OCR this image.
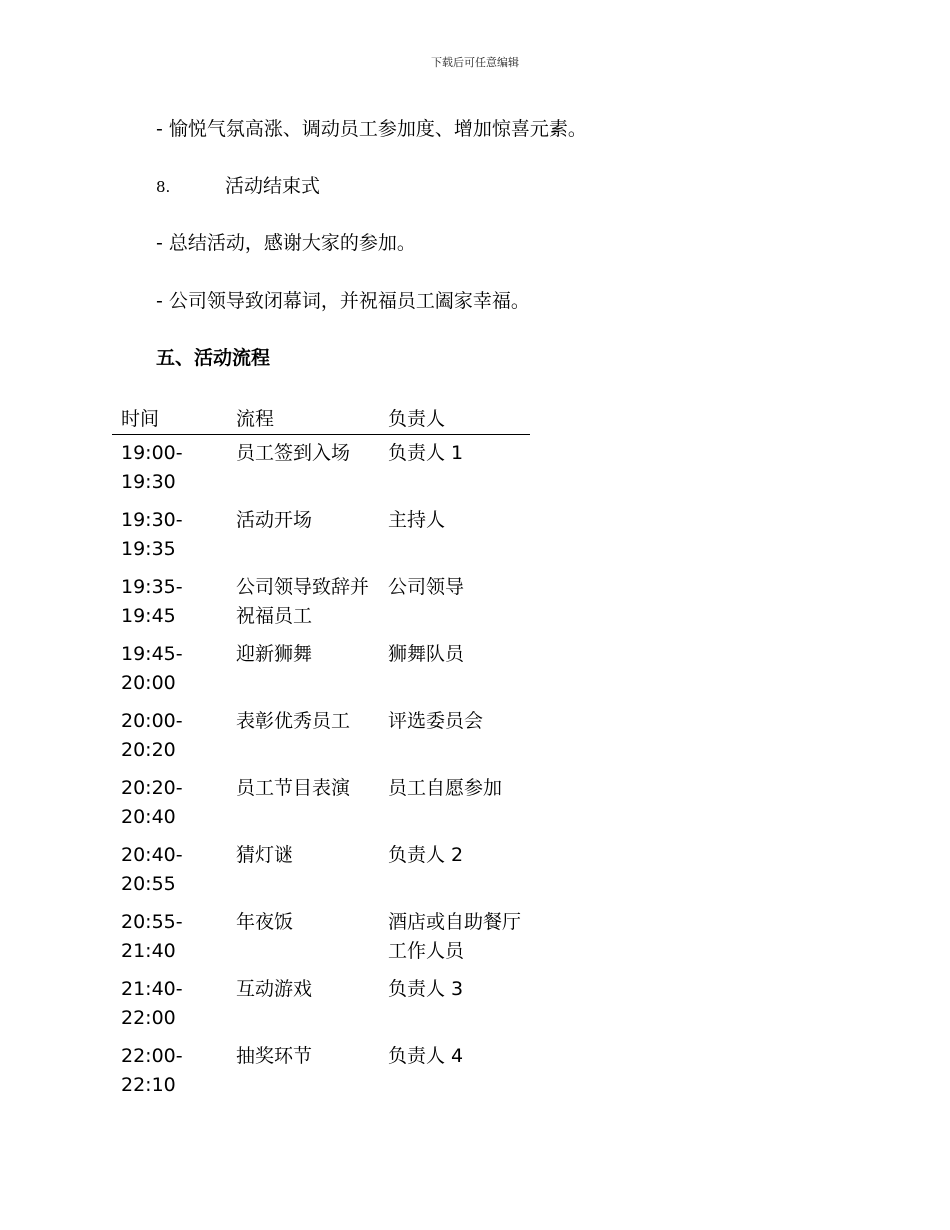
下载后可任意编辑
- 愉悦气氛高涨、调动员工参加度、增加惊喜元素。
8.	活动结束式
- 总结活动，感谢大家的参加。
- 公司领导致闭幕词，并祝福员工阖家幸福。
五、活动流程
时间	流程	负责人
19:00-19:30	员工签到入场	负责人 1
19:30-19:35	活动开场	主持人
19:35-19:45	公司领导致辞并祝福员工	公司领导
19:45-20:00	迎新狮舞	狮舞队员
20:00-20:20	表彰优秀员工	评选委员会
20:20-20:40	员工节目表演	员工自愿参加
20:40-20:55	猜灯谜	负责人 2
20:55-21:40	年夜饭	酒店或自助餐厅工作人员
21:40-22:00	互动游戏	负责人 3
22:00-22:10	抽奖环节	负责人 4
